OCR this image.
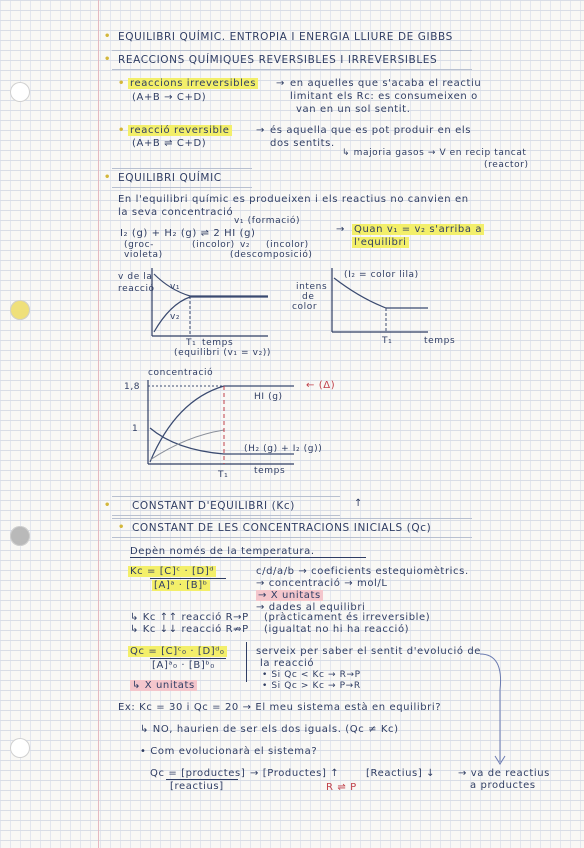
• EQUILIBRI QUÍMIC. ENTROPIA I ENERGIA LLIURE DE GIBBS
• REACCIONS QUÍMIQUES REVERSIBLES I IRREVERSIBLES
• reaccions irreversibles
(A+B → C+D)
→ en aquelles que s'acaba el reactiu
limitant els Rc: es consumeixen o
van en un sol sentit.
• reacció reversible
(A+B ⇌ C+D)
→ és aquella que es pot produir en els
dos sentits.
↳ majoria gasos → V en recip tancat
(reactor)
• EQUILIBRI QUÍMIC
En l'equilibri químic es produeixen i els reactius no canvien en
la seva concentració
v₁ (formació)
I₂ (g) + H₂ (g) ⇌ 2 HI (g)
(groc-
violeta)
(incolor) v₂ (incolor)
(descomposició)
→ Quan v₁ = v₂ s'arriba a
l'equilibri
v de la
reacció v₁
v₂
T₁ temps
(equilibri (v₁ = v₂))
intens
de
color
(I₂ = color lila)
T₁	temps
concentració
1,8
1
HI (g)
(H₂ (g) + I₂ (g))
T₁	temps
← (Δ)
• CONSTANT D'EQUILIBRI (Kc)	↑
• CONSTANT DE LES CONCENTRACIONS INICIALS (Qc)
Depèn només de la temperatura.
Kc = [C]ᶜ · [D]ᵈ
[A]ᵃ · [B]ᵇ
c/d/a/b → coeficients estequiomètrics.
→ concentració → mol/L
→ X unitats
→ dades al equilibri
↳ Kc ↑↑ reacció R→P (pràcticament és irreversible)
↳ Kc ↓↓ reacció R⇏P (igualtat no hi ha reacció)
Qc = [C]ᶜ₀ · [D]ᵈ₀
[A]ᵃ₀ · [B]ᵇ₀
serveix per saber el sentit d'evolució de
la reacció
• Si Qc < Kc → R→P
• Si Qc > Kc → P→R
↳ X unitats
Ex: Kc = 30 i Qc = 20 → El meu sistema està en equilibri?
↳ NO, haurien de ser els dos iguals. (Qc ≠ Kc)
• Com evolucionarà el sistema?
Qc = [productes]
[reactius]
→ [Productes] ↑
R ⇌ P
[Reactius] ↓ → va de reactius
a productes
